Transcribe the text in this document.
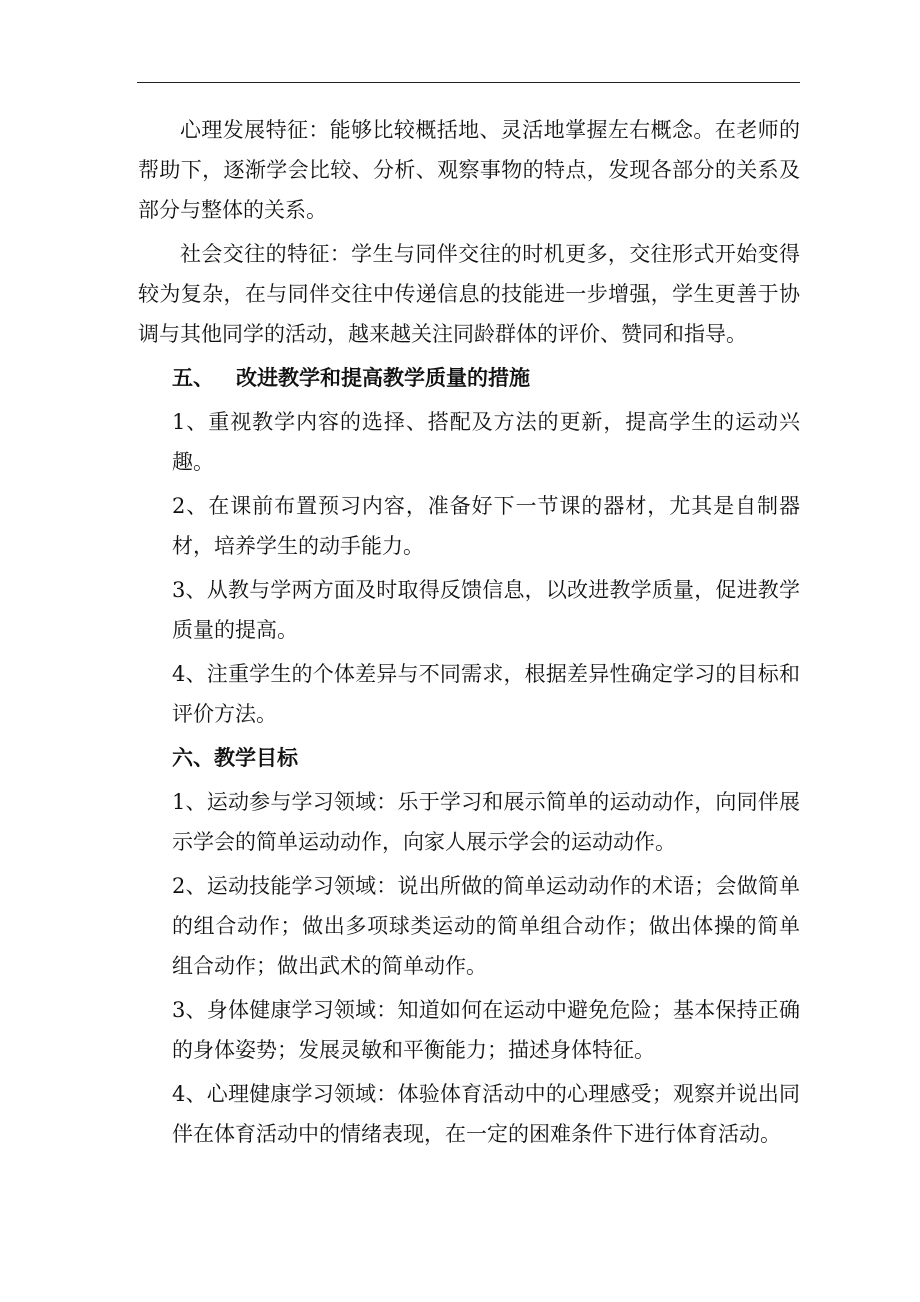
心理发展特征：能够比较概括地、灵活地掌握左右概念。在老师的帮助下，逐渐学会比较、分析、观察事物的特点，发现各部分的关系及部分与整体的关系。

社会交往的特征：学生与同伴交往的时机更多，交往形式开始变得较为复杂，在与同伴交往中传递信息的技能进一步增强，学生更善于协调与其他同学的活动，越来越关注同龄群体的评价、赞同和指导。

五、 改进教学和提高教学质量的措施

1、重视教学内容的选择、搭配及方法的更新，提高学生的运动兴趣。

2、在课前布置预习内容，准备好下一节课的器材，尤其是自制器材，培养学生的动手能力。

3、从教与学两方面及时取得反馈信息，以改进教学质量，促进教学质量的提高。

4、注重学生的个体差异与不同需求，根据差异性确定学习的目标和评价方法。

六、教学目标

1、运动参与学习领域：乐于学习和展示简单的运动动作，向同伴展示学会的简单运动动作，向家人展示学会的运动动作。

2、运动技能学习领域：说出所做的简单运动动作的术语；会做简单的组合动作；做出多项球类运动的简单组合动作；做出体操的简单组合动作；做出武术的简单动作。

3、身体健康学习领域：知道如何在运动中避免危险；基本保持正确的身体姿势；发展灵敏和平衡能力；描述身体特征。

4、心理健康学习领域：体验体育活动中的心理感受；观察并说出同伴在体育活动中的情绪表现，在一定的困难条件下进行体育活动。
